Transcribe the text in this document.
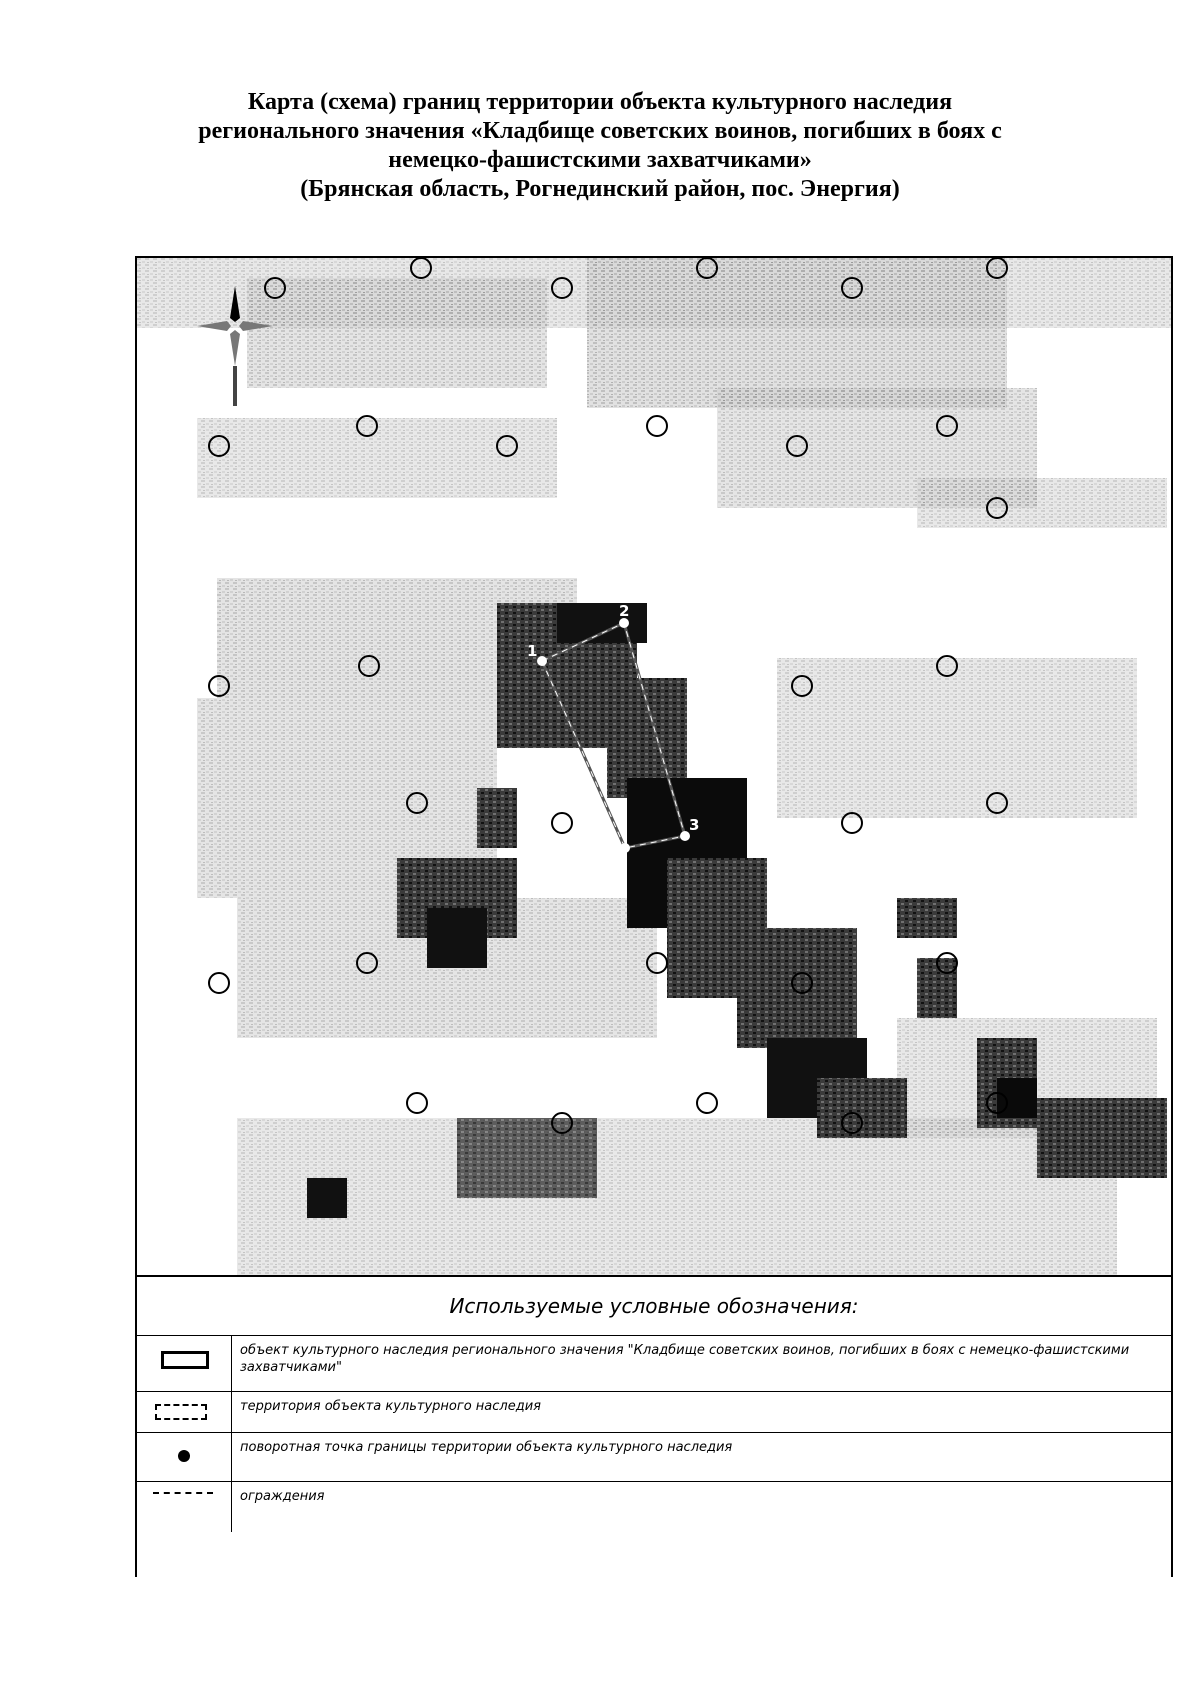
Карта (схема) границ территории объекта культурного наследия
регионального значения «Кладбище советских воинов, погибших в боях с
немецко-фашистскими захватчиками»
(Брянская область, Рогнединский район, пос. Энергия)
1
2
3
4
Используемые условные обозначения:
объект культурного наследия регионального значения "Кладбище советских воинов, погибших в боях с немецко-фашистскими захватчиками"
территория объекта культурного наследия
поворотная точка границы территории объекта культурного наследия
ограждения
